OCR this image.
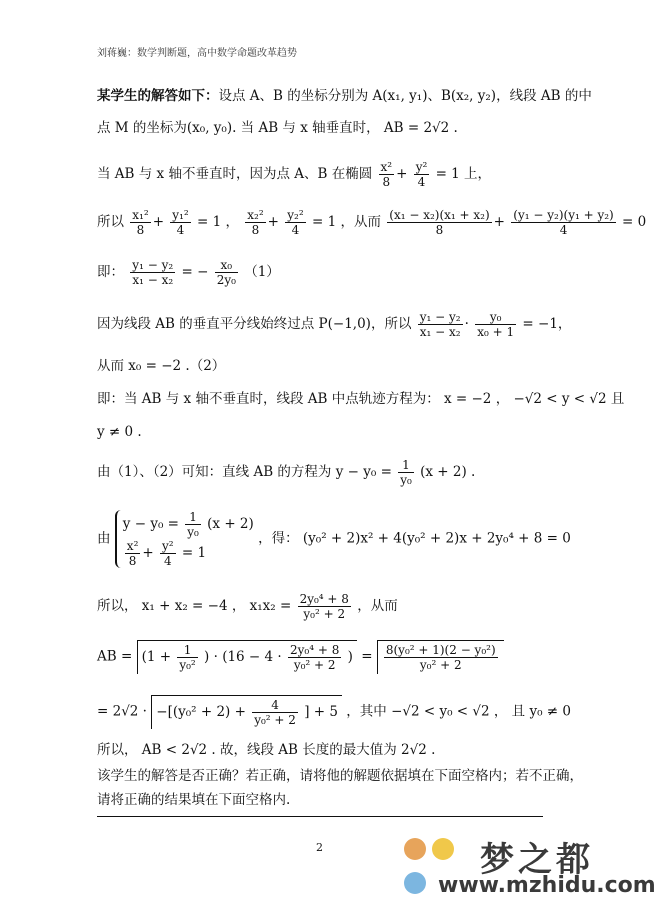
刘蒋巍：数学判断题，高中数学命题改革趋势
某学生的解答如下：设点 A、B 的坐标分别为 A(x₁, y₁)、B(x₂, y₂)，线段 AB 的中
点 M 的坐标为(x₀, y₀). 当 AB 与 x 轴垂直时， AB = 2√2 .
当 AB 与 x 轴不垂直时，因为点 A、B 在椭圆 $\frac{\text{x²}}{8} + \frac{\text{y²}}{4} = 1$ 上，
所以 $\frac{\text{x₁²}}{8} + \frac{\text{y₁²}}{4} = 1$ ， $\frac{\text{x₂²}}{8} + \frac{\text{y₂²}}{4} = 1$ ，从而 $\frac{\text{(x₁ − x₂)(x₁ + x₂)}}{8} + \frac{\text{(y₁ − y₂)(y₁ + y₂)}}{4} = 0$
即： $\frac{\text{y₁ − y₂}}{\text{x₁ − x₂}}$ = − $\frac{\text{x₀}}{\text{2y₀}} (1)$
因为线段 AB 的垂直平分线始终过点 P(−1,0)，所以 $\frac{\text{y₁ − y₂}}{\text{x₁ − x₂}} \cdot \frac{\text{y₀}}{\text{x₀ + 1}} = -1$，
从而 x₀ = −2 .（2）
即：当 AB 与 x 轴不垂直时，线段 AB 中点轨迹方程为： x = −2 ， −√2 < y < √2 且
y ≠ 0 .
由（1）、（2）可知：直线 AB 的方程为 $y - y_0 = \frac{1}{\text{y₀}} (x + 2)$ .
由
$y - y_0 = \frac{1}{\text{y₀}} (x + 2)$
$\frac{\text{x²}}{8} + \frac{\text{y²}}{4} = 1$
，得： (y₀² + 2)x² + 4(y₀² + 2)x + 2y₀⁴ + 8 = 0
所以， x₁ + x₂ = −4 ， $x_1x_2 = \frac{\text{2y₀⁴ + 8}}{\text{y₀² + 2}}$ ，从而
AB = ($1 + \frac{1}{\text{y₀²}}$ ) · ($16 - 4 \cdot \frac{\text{2y₀⁴ + 8}}{\text{y₀² + 2}}$ ) = $\frac{\text{8(y₀² + 1)(2 − y₀²)}}{\text{y₀² + 2}}$
= $2√2 \cdot -[(y_0^2 + 2) + \frac{4}{\text{y₀² + 2}}$ ] + 5 ，其中 −√2 < y₀ < √2 ， 且 y₀ ≠ 0
所以， AB < 2√2 . 故，线段 AB 长度的最大值为 2√2 .
该学生的解答是否正确？若正确，请将他的解题依据填在下面空格内；若不正确，
请将正确的结果填在下面空格内.
2	梦之都
www.mzhidu.com
